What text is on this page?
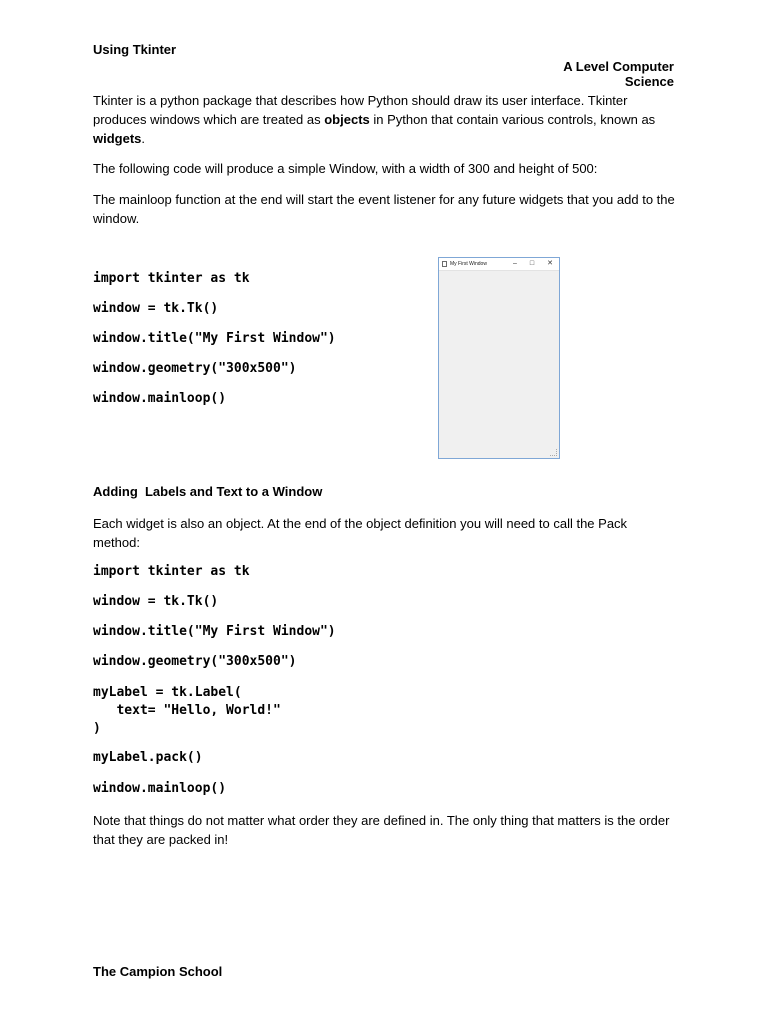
Using Tkinter
A Level Computer Science
Tkinter is a python package that describes how Python should draw its user interface. Tkinter produces windows which are treated as objects in Python that contain various controls, known as widgets.
The following code will produce a simple Window, with a width of 300 and height of 500:
The mainloop function at the end will start the event listener for any future widgets that you add to the window.
import tkinter as tk
window = tk.Tk()
window.title("My First Window")
window.geometry("300x500")
window.mainloop()
My First Window	–	□	✕
Adding  Labels and Text to a Window
Each widget is also an object. At the end of the object definition you will need to call the Pack method:
import tkinter as tk
window = tk.Tk()
window.title("My First Window")
window.geometry("300x500")
myLabel = tk.Label(
text= "Hello, World!"
)
myLabel.pack()
window.mainloop()
Note that things do not matter what order they are defined in. The only thing that matters is the order that they are packed in!
The Campion School
